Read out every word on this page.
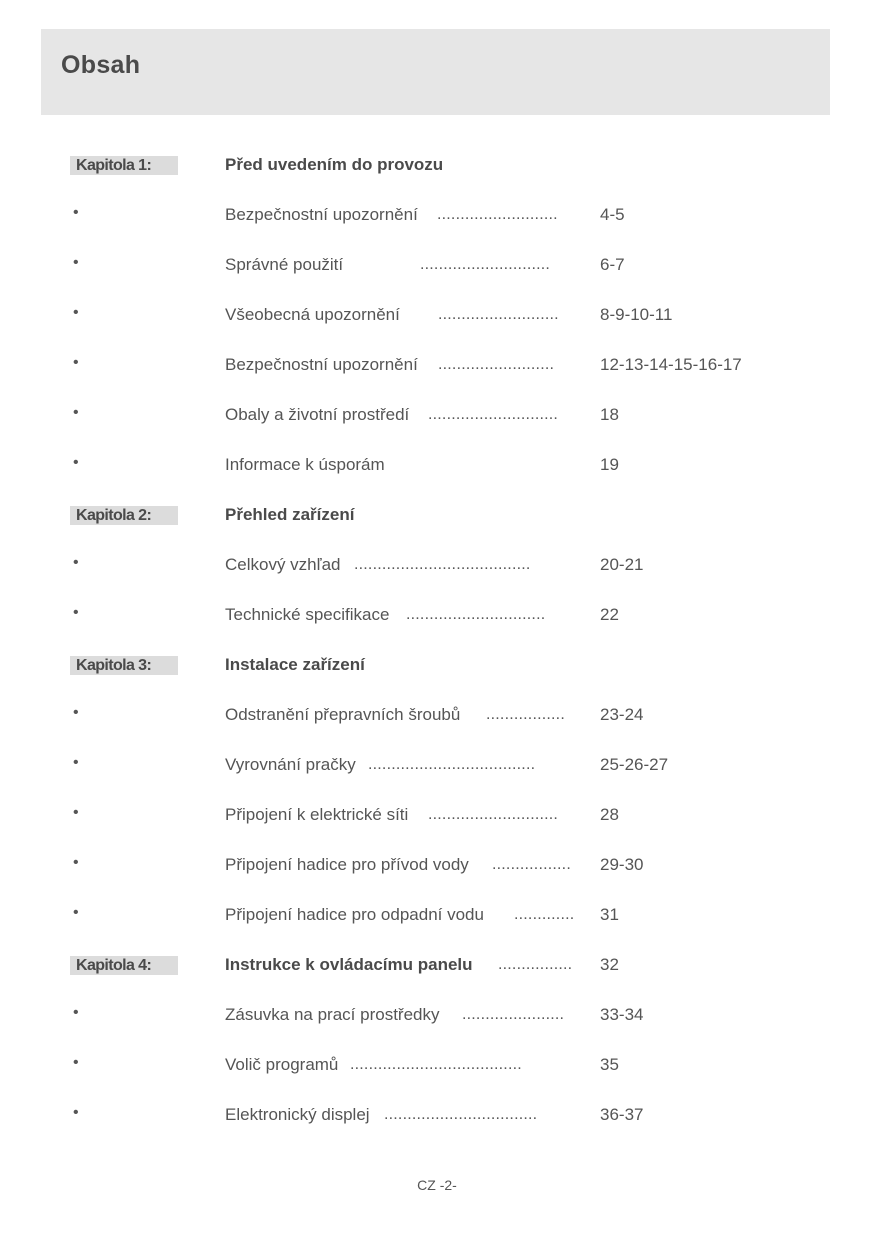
Obsah
Kapitola 1:	Před uvedením do provozu
•	Bezpečnostní upozornění ..........................	4-5
•	Správné použití	............................	6-7
•	Všeobecná upozornění ..........................	8-9-10-11
•	Bezpečnostní upozornění .........................	12-13-14-15-16-17
•	Obaly a životní prostředí ............................	18
•	Informace k úsporám	19
Kapitola 2:	Přehled zařízení
•	Celkový vzhľad ......................................	20-21
•	Technické specifikace ..............................	22
Kapitola 3:	Instalace zařízení
•	Odstranění přepravních šroubů .................	23-24
•	Vyrovnání pračky ....................................	25-26-27
•	Připojení k elektrické síti ............................	28
•	Připojení hadice pro přívod vody .................	29-30
•	Připojení hadice pro odpadní vodu .............	31
Kapitola 4:	Instrukce k ovládacímu panelu ................	32
•	Zásuvka na prací prostředky ......................	33-34
•	Volič programů .....................................	35
•	Elektronický displej .................................	36-37
CZ -2-
